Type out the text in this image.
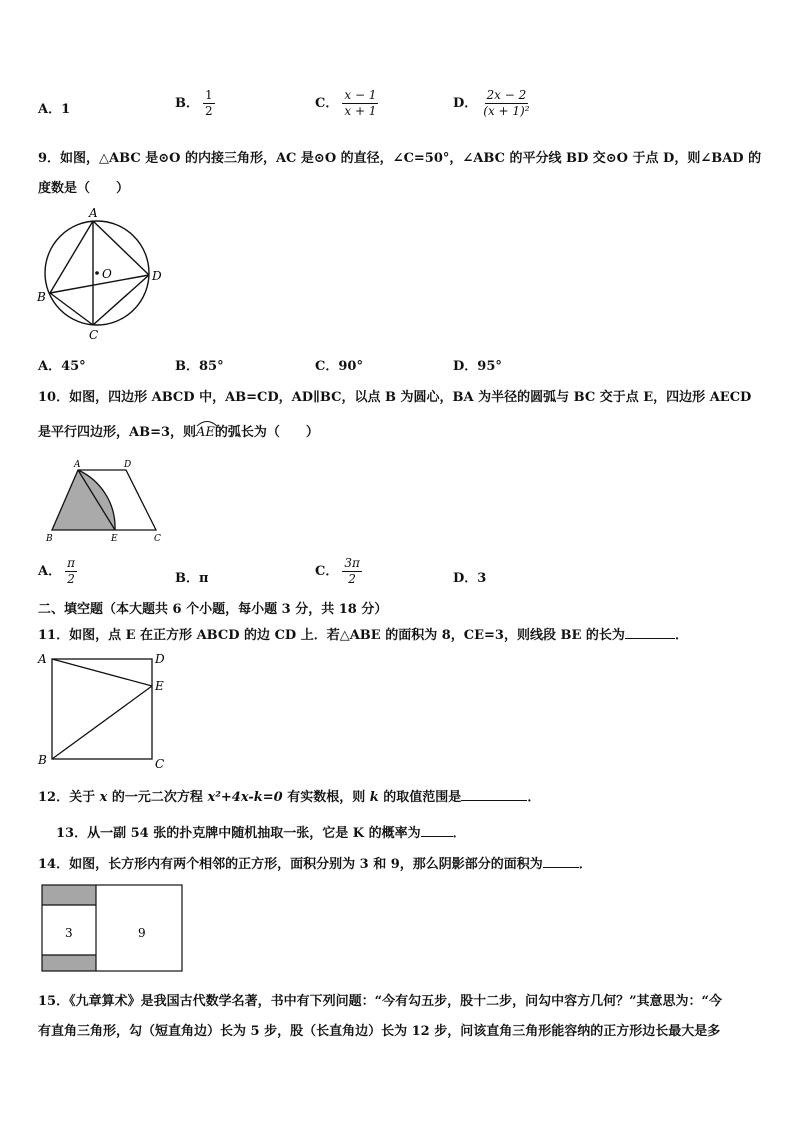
A．1	B． $\frac{1}{2}$	C． $\frac{x - 1}{x + 1}$	D． $\frac{2x - 2}{\text{(x + 1)²}}$
9．如图，△ABC 是⊙O 的内接三角形，AC 是⊙O 的直径，∠C=50°，∠ABC 的平分线 BD 交⊙O 于点 D，则∠BAD 的
度数是（　　）
A
B
C
D
O
A．45°	B．85°	C．90°	D．95°
10．如图，四边形 ABCD 中，AB=CD，AD∥BC，以点 B 为圆心，BA 为半径的圆弧与 BC 交于点 E，四边形 AECD
是平行四边形，AB=3，则
AE的弧长为（　　）
A	D
B	E	C
A． $\frac{\pi}{2}$	B．π	C． $\frac{3\pi}{2}$	D．3
二、填空题（本大题共 6 个小题，每小题 3 分，共 18 分）
11．如图，点 E 在正方形 ABCD 的边 CD 上．若△ABE 的面积为 8，CE=3，则线段 BE 的长为	．
A	D
E
B	C
12．关于 x 的一元二次方程 x²+4x-k=0 有实数根，则 k 的取值范围是	．
13．从一副 54 张的扑克牌中随机抽取一张，它是 K 的概率为 ．
14．如图，长方形内有两个相邻的正方形，面积分别为 3 和 9，那么阴影部分的面积为	．
3	9
15．《九章算术》是我国古代数学名著，书中有下列问题：“今有勾五步，股十二步，问勾中容方几何？”其意思为：“今
有直角三角形，勾（短直角边）长为 5 步，股（长直角边）长为 12 步，问该直角三角形能容纳的正方形边长最大是多
